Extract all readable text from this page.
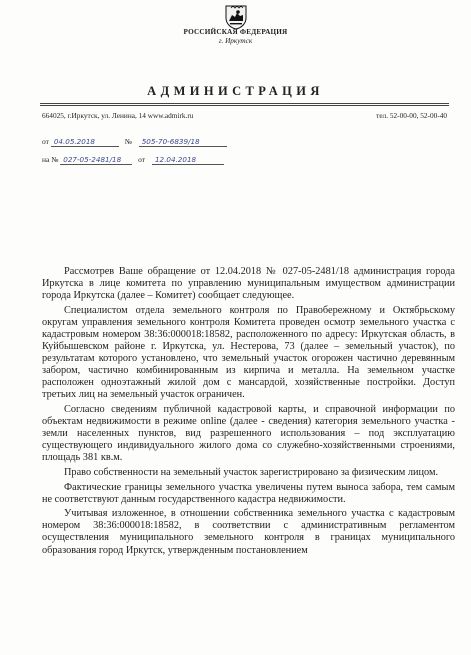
РОССИЙСКАЯ ФЕДЕРАЦИЯ
г. Иркутск
АДМИНИСТРАЦИЯ
664025, г.Иркутск, ул. Ленина, 14 www.admirk.ru	тел. 52-00-00, 52-00-40
от 04.05.2018	№ 505-70-6839/18
на № 027-05-2481/18 от 12.04.2018

Рассмотрев Ваше обращение от 12.04.2018 № 027-05-2481/18 администрация города Иркутска в лице комитета по управлению муниципальным имуществом администрации города Иркутска (далее – Комитет) сообщает следующее.

Специалистом отдела земельного контроля по Правобережному и Октябрьскому округам управления земельного контроля Комитета проведен осмотр земельного участка с кадастровым номером 38:36:000018:18582, расположенного по адресу: Иркутская область, в Куйбышевском районе г. Иркутска, ул. Нестерова, 73 (далее – земельный участок), по результатам которого установлено, что земельный участок огорожен частично деревянным забором, частично комбинированным из кирпича и металла. На земельном участке расположен одноэтажный жилой дом с мансардой, хозяйственные постройки. Доступ третьих лиц на земельный участок ограничен.

Согласно сведениям публичной кадастровой карты, и справочной информации по объектам недвижимости в режиме online (далее - сведения) категория земельного участка - земли населенных пунктов, вид разрешенного использования – под эксплуатацию существующего индивидуального жилого дома со служебно-хозяйственными строениями, площадь 381 кв.м.

Право собственности на земельный участок зарегистрировано за физическим лицом.

Фактические границы земельного участка увеличены путем выноса забора, тем самым не соответствуют данным государственного кадастра недвижимости.

Учитывая изложенное, в отношении собственника земельного участка с кадастровым номером 38:36:000018:18582, в соответствии с административным регламентом осуществления муниципального земельного контроля в границах муниципального образования город Иркутск, утвержденным постановлением
